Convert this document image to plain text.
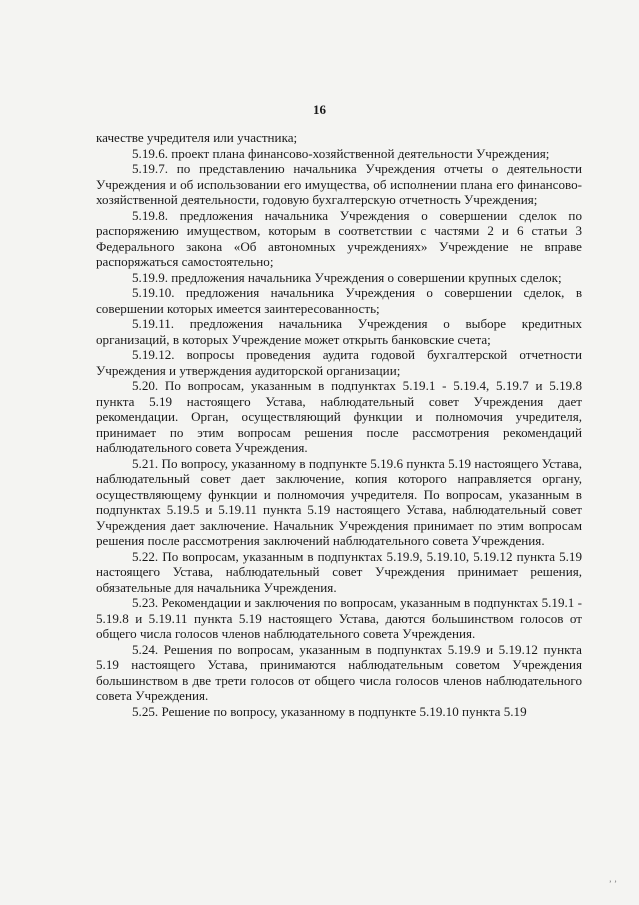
16

качестве учредителя или участника;

5.19.6. проект плана финансово-хозяйственной деятельности Учреждения;

5.19.7. по представлению начальника Учреждения отчеты о деятельности Учреждения и об использовании его имущества, об исполнении плана его финансово-хозяйственной деятельности, годовую бухгалтерскую отчетность Учреждения;

5.19.8. предложения начальника Учреждения о совершении сделок по распоряжению имуществом, которым в соответствии с частями 2 и 6 статьи 3 Федерального закона «Об автономных учреждениях» Учреждение не вправе распоряжаться самостоятельно;

5.19.9. предложения начальника Учреждения о совершении крупных сделок;

5.19.10. предложения начальника Учреждения о совершении сделок, в совершении которых имеется заинтересованность;

5.19.11. предложения начальника Учреждения о выборе кредитных организаций, в которых Учреждение может открыть банковские счета;

5.19.12. вопросы проведения аудита годовой бухгалтерской отчетности Учреждения и утверждения аудиторской организации;

5.20. По вопросам, указанным в подпунктах 5.19.1 - 5.19.4, 5.19.7 и 5.19.8 пункта 5.19 настоящего Устава, наблюдательный совет Учреждения дает рекомендации. Орган, осуществляющий функции и полномочия учредителя, принимает по этим вопросам решения после рассмотрения рекомендаций наблюдательного совета Учреждения.

5.21. По вопросу, указанному в подпункте 5.19.6 пункта 5.19 настоящего Устава, наблюдательный совет дает заключение, копия которого направляется органу, осуществляющему функции и полномочия учредителя. По вопросам, указанным в подпунктах 5.19.5 и 5.19.11 пункта 5.19 настоящего Устава, наблюдательный совет Учреждения дает заключение. Начальник Учреждения принимает по этим вопросам решения после рассмотрения заключений наблюдательного совета Учреждения.

5.22. По вопросам, указанным в подпунктах 5.19.9, 5.19.10, 5.19.12 пункта 5.19 настоящего Устава, наблюдательный совет Учреждения принимает решения, обязательные для начальника Учреждения.

5.23. Рекомендации и заключения по вопросам, указанным в подпунктах 5.19.1 - 5.19.8 и 5.19.11 пункта 5.19 настоящего Устава, даются большинством голосов от общего числа голосов членов наблюдательного совета Учреждения.

5.24. Решения по вопросам, указанным в подпунктах 5.19.9 и 5.19.12 пункта 5.19 настоящего Устава, принимаются наблюдательным советом Учреждения большинством в две трети голосов от общего числа голосов членов наблюдательного совета Учреждения.

5.25. Решение по вопросу, указанному в подпункте 5.19.10 пункта 5.19

ʼ ʼ
